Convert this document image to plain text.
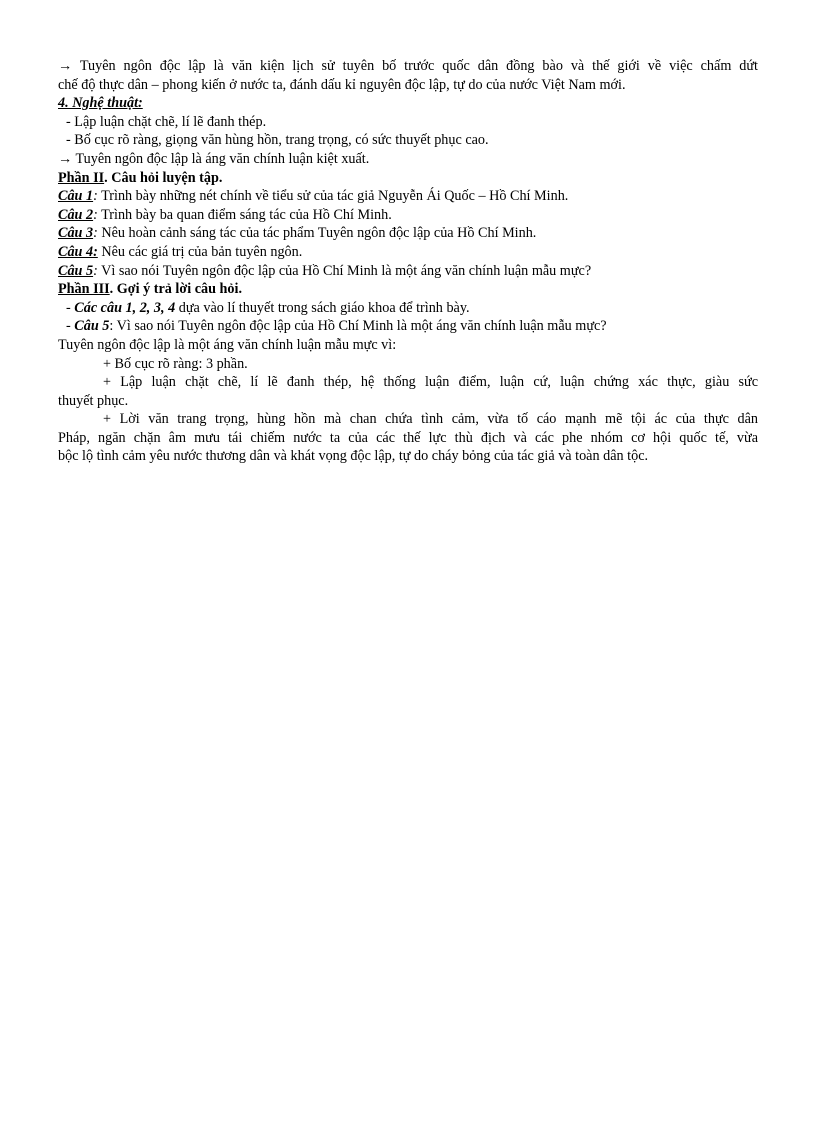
→ Tuyên ngôn độc lập là văn kiện lịch sử tuyên bố trước quốc dân đồng bào và thế giới về việc chấm dứt
chế độ thực dân – phong kiến ở nước ta, đánh dấu kỉ nguyên độc lập, tự do của nước Việt Nam mới.
4. Nghệ thuật:
- Lập luận chặt chẽ, lí lẽ đanh thép.
- Bố cục rõ ràng, giọng văn hùng hồn, trang trọng, có sức thuyết phục cao.
→ Tuyên ngôn độc lập là áng văn chính luận kiệt xuất.
Phần II. Câu hỏi luyện tập.
Câu 1: Trình bày những nét chính về tiểu sử của tác giả Nguyễn Ái Quốc – Hồ Chí Minh.
Câu 2: Trình bày ba quan điểm sáng tác của Hồ Chí Minh.
Câu 3: Nêu hoàn cảnh sáng tác của tác phẩm Tuyên ngôn độc lập của Hồ Chí Minh.
Câu 4: Nêu các giá trị của bản tuyên ngôn.
Câu 5: Vì sao nói Tuyên ngôn độc lập của Hồ Chí Minh là một áng văn chính luận mẫu mực?
Phần III. Gợi ý trả lời câu hỏi.
- Các câu 1, 2, 3, 4 dựa vào lí thuyết trong sách giáo khoa để trình bày.
- Câu 5: Vì sao nói Tuyên ngôn độc lập của Hồ Chí Minh là một áng văn chính luận mẫu mực?
Tuyên ngôn độc lập là một áng văn chính luận mẫu mực vì:
+ Bố cục rõ ràng: 3 phần.
+ Lập luận chặt chẽ, lí lẽ đanh thép, hệ thống luận điểm, luận cứ, luận chứng xác thực, giàu sức
thuyết phục.
+ Lời văn trang trọng, hùng hồn mà chan chứa tình cảm, vừa tố cáo mạnh mẽ tội ác của thực dân
Pháp, ngăn chặn âm mưu tái chiếm nước ta của các thế lực thù địch và các phe nhóm cơ hội quốc tế, vừa
bộc lộ tình cảm yêu nước thương dân và khát vọng độc lập, tự do cháy bỏng của tác giả và toàn dân tộc.
